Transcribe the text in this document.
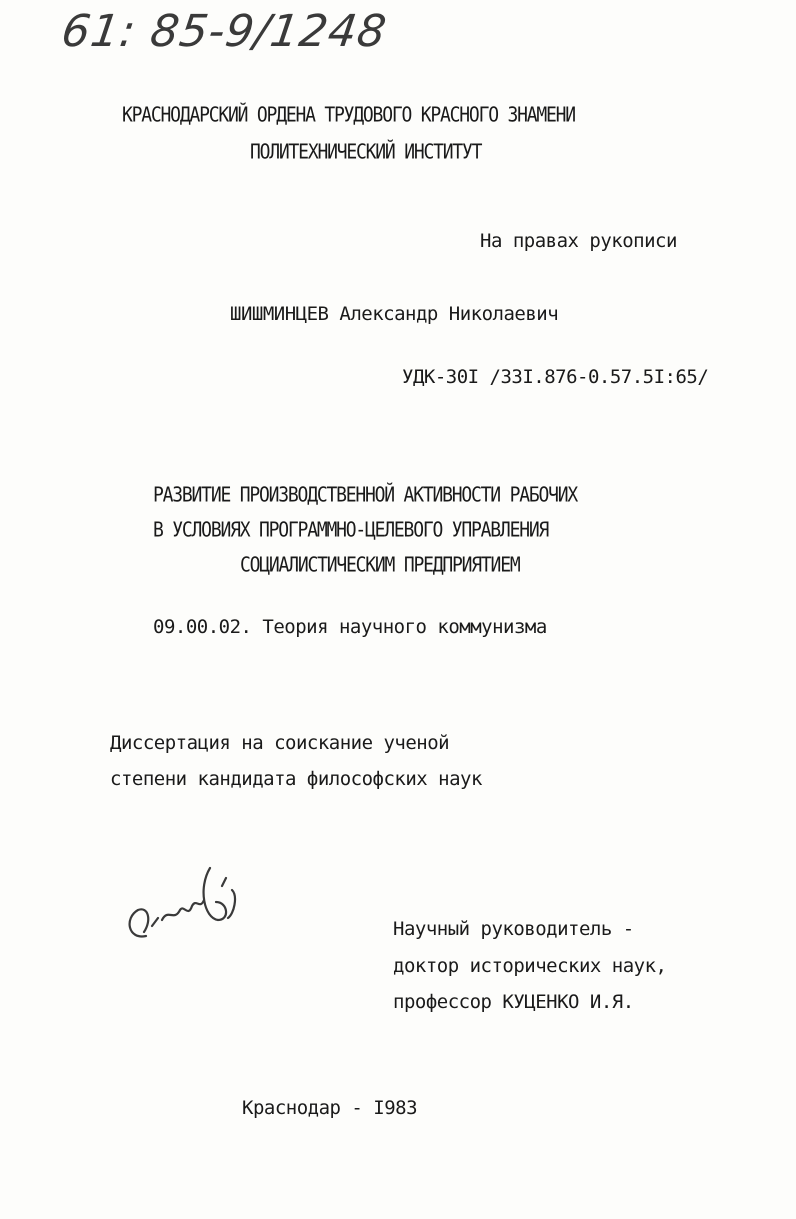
61: 85-9/1248
КРАСНОДАРСКИЙ ОРДЕНА ТРУДОВОГО КРАСНОГО ЗНАМЕНИ
ПОЛИТЕХНИЧЕСКИЙ ИНСТИТУТ
На правах рукописи
ШИШМИНЦЕВ Александр Николаевич
УДК-30I /33I.876-0.57.5I:65/
РАЗВИТИЕ ПРОИЗВОДСТВЕННОЙ АКТИВНОСТИ РАБОЧИХ
В УСЛОВИЯХ ПРОГРАММНО-ЦЕЛЕВОГО УПРАВЛЕНИЯ
СОЦИАЛИСТИЧЕСКИМ ПРЕДПРИЯТИЕМ
09.00.02. Теория научного коммунизма
Диссертация на соискание ученой
степени кандидата философских наук
Научный руководитель -
доктор исторических наук,
профессор КУЦЕНКО И.Я.
Краснодар - I983
